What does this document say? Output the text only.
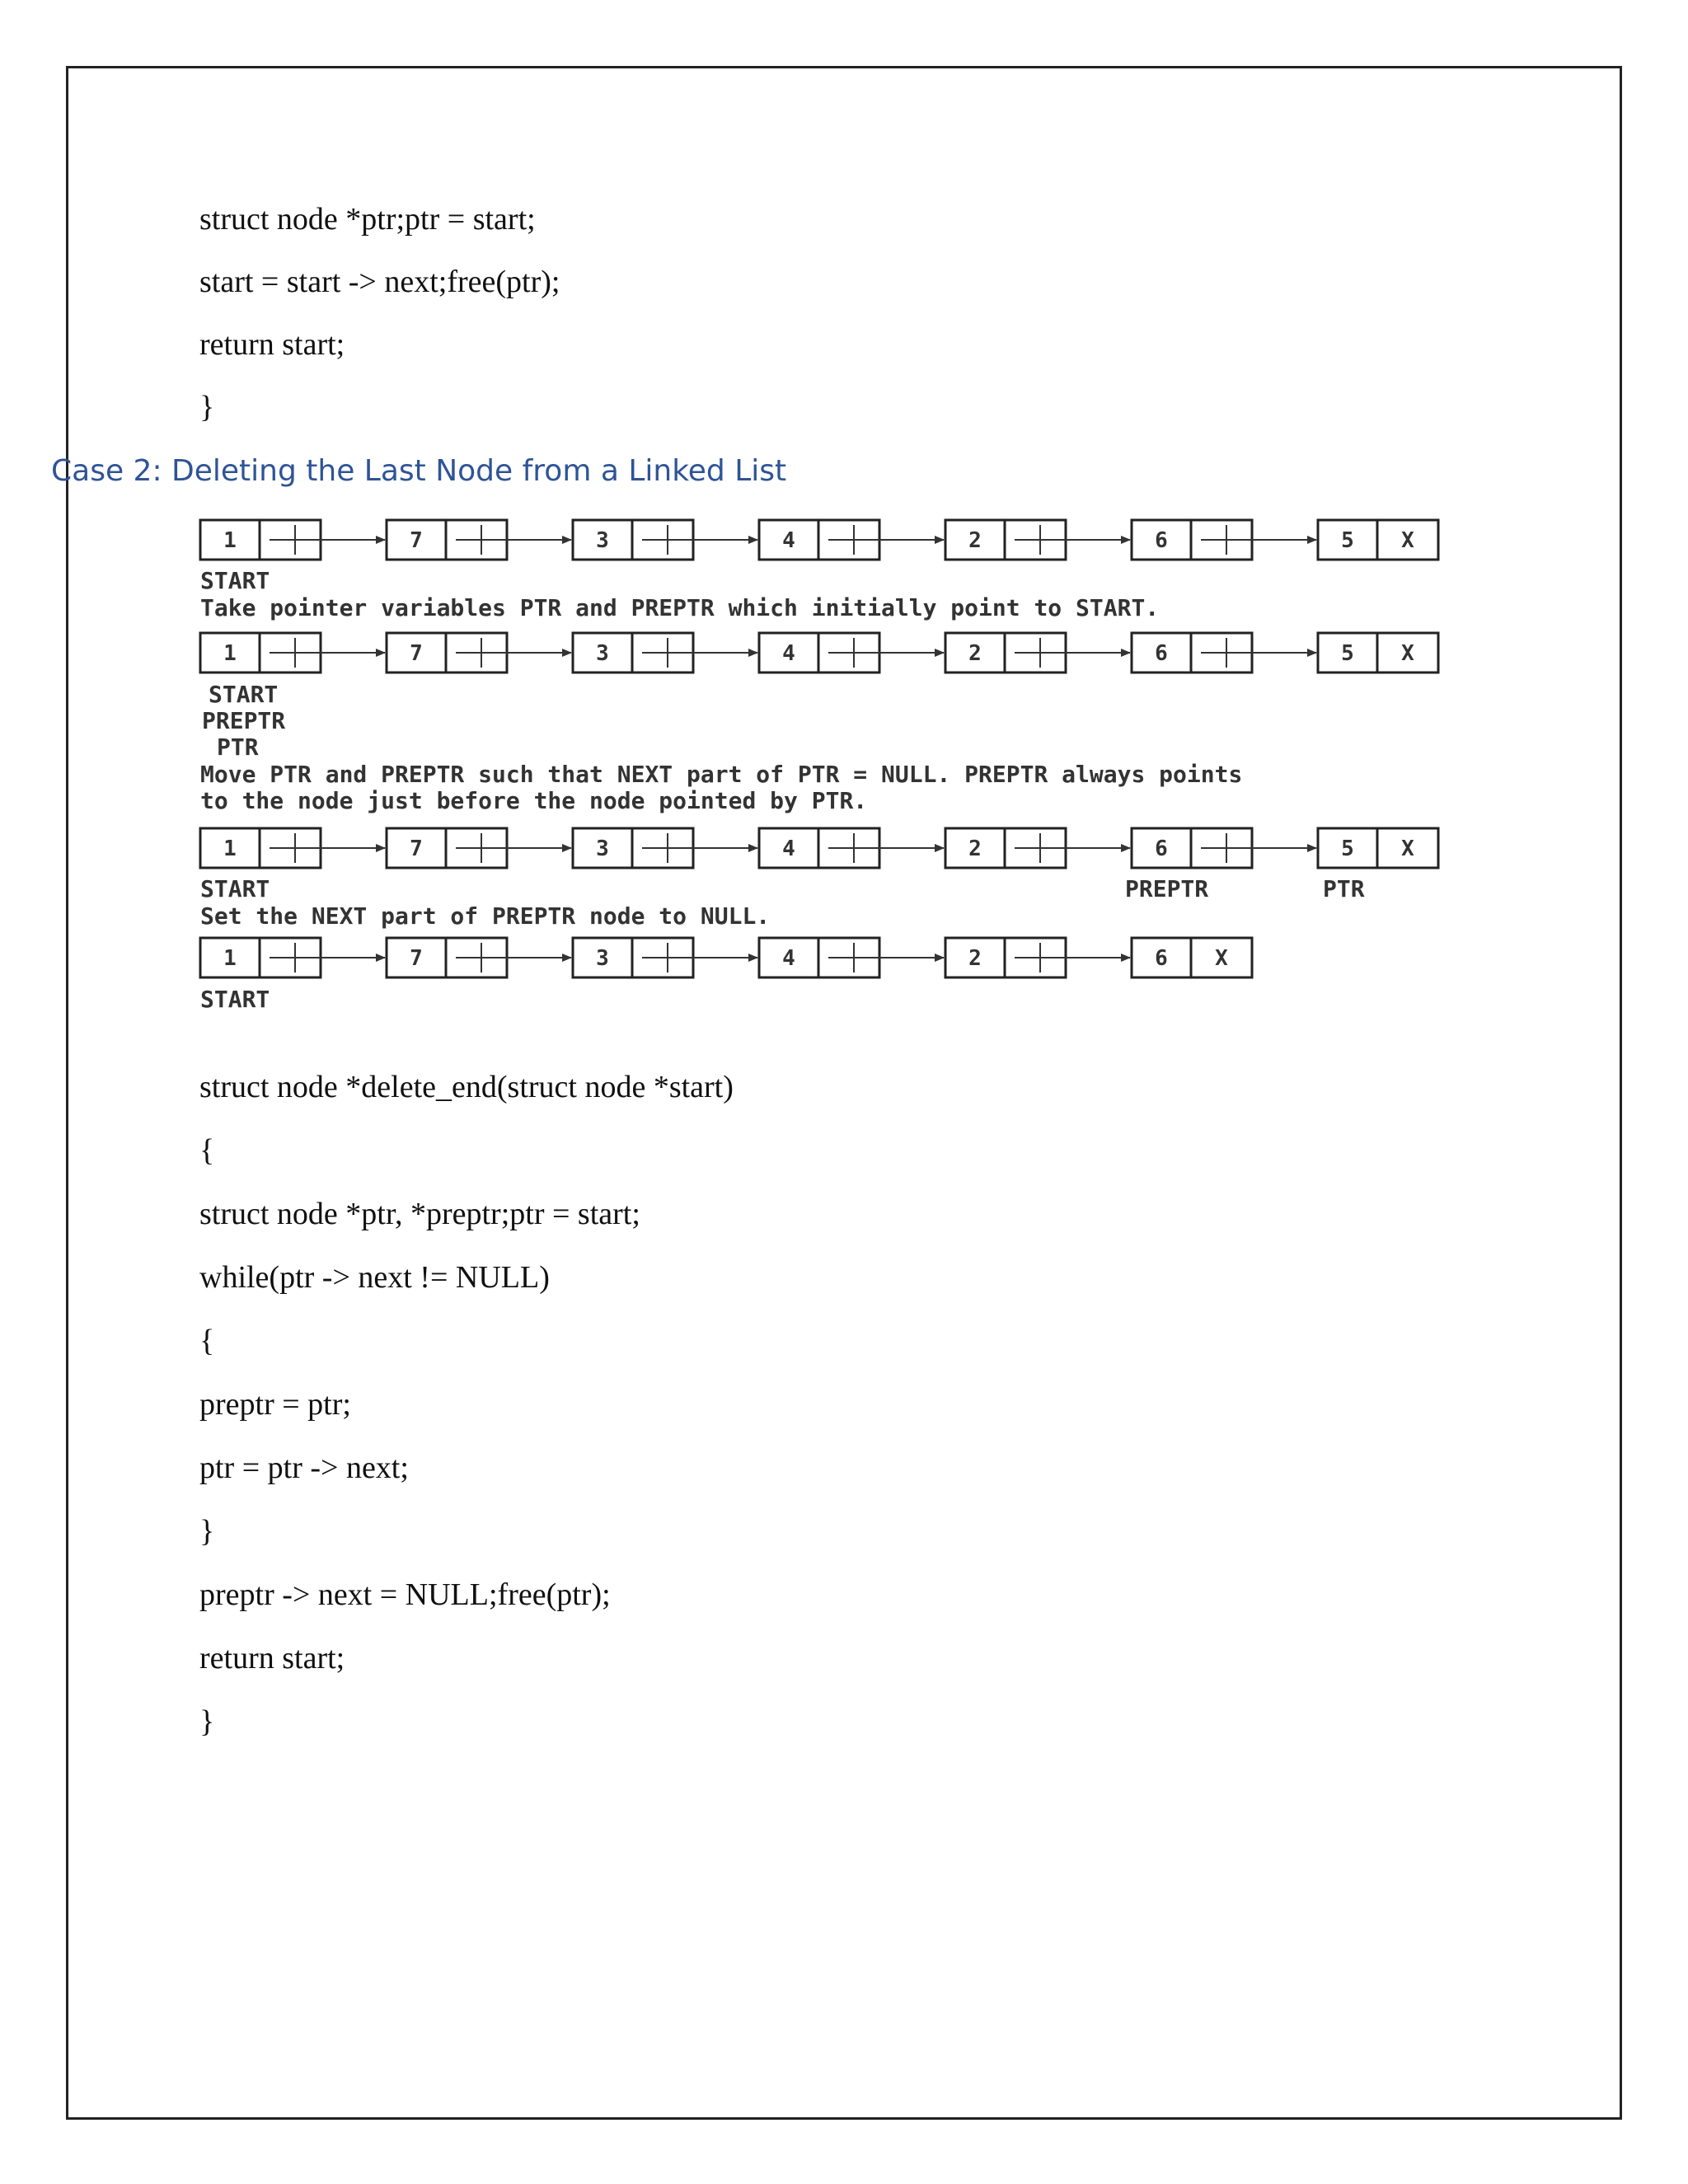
struct node *ptr;ptr = start;
start = start -> next;free(ptr);
return start;
}
Case 2: Deleting the Last Node from a Linked List
1	7	3	4	2	6	5 X
1	7	3	4	2	6	5 X
1	7	3	4	2	6	5 X
1	7	3	4	2	6 X
START
Take pointer variables PTR and PREPTR which initially point to START.
START
PREPTR
PTR
Move PTR and PREPTR such that NEXT part of PTR = NULL. PREPTR always points
to the node just before the node pointed by PTR.
START	PREPTR	PTR
Set the NEXT part of PREPTR node to NULL.
START
struct node *delete_end(struct node *start)
{
struct node *ptr, *preptr;ptr = start;
while(ptr -> next != NULL)
{
preptr = ptr;
ptr = ptr -> next;
}
preptr -> next = NULL;free(ptr);
return start;
}
